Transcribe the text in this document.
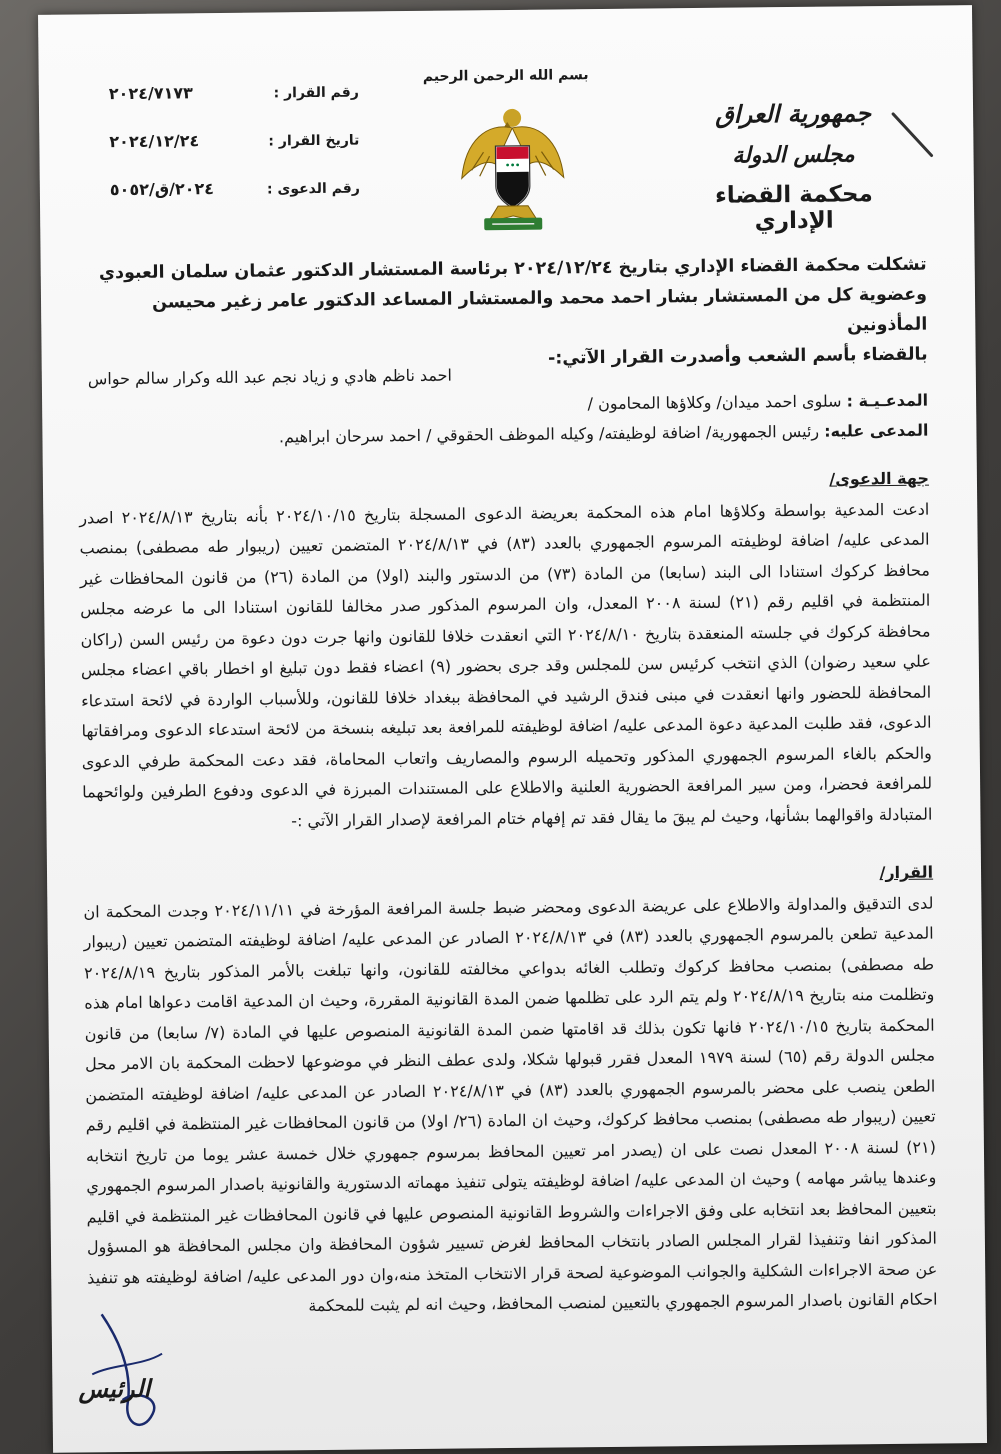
بسم الله الرحمن الرحيم
جمهورية العراق
مجلس الدولة
محكمة القضاء الإداري
رقم القرار :
٢٠٢٤/٧١٧٣
تاريخ القرار :
٢٠٢٤/١٢/٢٤
رقم الدعوى :
٢٠٢٤/ق/٥٠٥٢
تشكلت محكمة القضاء الإداري بتاريخ ٢٠٢٤/١٢/٢٤ برئاسة المستشار الدكتور عثمان سلمان العبودي
وعضوية كل من المستشار بشار احمد محمد والمستشار المساعد الدكتور عامر زغير محيسن المأذونين
بالقضاء بأسم الشعب وأصدرت القرار الآتي:-
احمد ناظم هادي و زياد نجم عبد الله وكرار سالم حواس
المدعـيـة : سلوى احمد ميدان/ وكلاؤها المحامون /
المدعى عليه: رئيس الجمهورية/ اضافة لوظيفته/ وكيله الموظف الحقوقي / احمد سرحان ابراهيم.
جهة الدعوى/
ادعت المدعية بواسطة وكلاؤها امام هذه المحكمة بعريضة الدعوى المسجلة بتاريخ ٢٠٢٤/١٠/١٥ بأنه بتاريخ ٢٠٢٤/٨/١٣ اصدر المدعى عليه/ اضافة لوظيفته المرسوم الجمهوري بالعدد (٨٣) في ٢٠٢٤/٨/١٣ المتضمن تعيين (ريبوار طه مصطفى) بمنصب محافظ كركوك استنادا الى البند (سابعا) من المادة (٧٣) من الدستور والبند (اولا) من المادة (٢٦) من قانون المحافظات غير المنتظمة في اقليم رقم (٢١) لسنة ٢٠٠٨ المعدل، وان المرسوم المذكور صدر مخالفا للقانون استنادا الى ما عرضه مجلس محافظة كركوك في جلسته المنعقدة بتاريخ ٢٠٢٤/٨/١٠ التي انعقدت خلافا للقانون وانها جرت دون دعوة من رئيس السن (راكان علي سعيد رضوان) الذي انتخب كرئيس سن للمجلس وقد جرى بحضور (٩) اعضاء فقط دون تبليغ او اخطار باقي اعضاء مجلس المحافظة للحضور وانها انعقدت في مبنى فندق الرشيد في المحافظة ببغداد خلافا للقانون، وللأسباب الواردة في لائحة استدعاء الدعوى، فقد طلبت المدعية دعوة المدعى عليه/ اضافة لوظيفته للمرافعة بعد تبليغه بنسخة من لائحة استدعاء الدعوى ومرافقاتها والحكم بالغاء المرسوم الجمهوري المذكور وتحميله الرسوم والمصاريف واتعاب المحاماة، فقد دعت المحكمة طرفي الدعوى للمرافعة فحضرا، ومن سير المرافعة الحضورية العلنية والاطلاع على المستندات المبرزة في الدعوى ودفوع الطرفين ولوائحهما المتبادلة واقوالهما بشأنها، وحيث لم يبقَ ما يقال فقد تم إفهام ختام المرافعة لإصدار القرار الآتي :-
القرار/
لدى التدقيق والمداولة والاطلاع على عريضة الدعوى ومحضر ضبط جلسة المرافعة المؤرخة في ٢٠٢٤/١١/١١ وجدت المحكمة ان المدعية تطعن بالمرسوم الجمهوري بالعدد (٨٣) في ٢٠٢٤/٨/١٣ الصادر عن المدعى عليه/ اضافة لوظيفته المتضمن تعيين (ريبوار طه مصطفى) بمنصب محافظ كركوك وتطلب الغائه بدواعي مخالفته للقانون، وانها تبلغت بالأمر المذكور بتاريخ ٢٠٢٤/٨/١٩ وتظلمت منه بتاريخ ٢٠٢٤/٨/١٩ ولم يتم الرد على تظلمها ضمن المدة القانونية المقررة، وحيث ان المدعية اقامت دعواها امام هذه المحكمة بتاريخ ٢٠٢٤/١٠/١٥ فانها تكون بذلك قد اقامتها ضمن المدة القانونية المنصوص عليها في المادة (٧/ سابعا) من قانون مجلس الدولة رقم (٦٥) لسنة ١٩٧٩ المعدل فقرر قبولها شكلا، ولدى عطف النظر في موضوعها لاحظت المحكمة بان الامر محل الطعن ينصب على محضر بالمرسوم الجمهوري بالعدد (٨٣) في ٢٠٢٤/٨/١٣ الصادر عن المدعى عليه/ اضافة لوظيفته المتضمن تعيين (ريبوار طه مصطفى) بمنصب محافظ كركوك، وحيث ان المادة (٢٦/ اولا) من قانون المحافظات غير المنتظمة في اقليم رقم (٢١) لسنة ٢٠٠٨ المعدل نصت على ان (يصدر امر تعيين المحافظ بمرسوم جمهوري خلال خمسة عشر يوما من تاريخ انتخابه وعندها يباشر مهامه ) وحيث ان المدعى عليه/ اضافة لوظيفته يتولى تنفيذ مهماته الدستورية والقانونية باصدار المرسوم الجمهوري بتعيين المحافظ بعد انتخابه على وفق الاجراءات والشروط القانونية المنصوص عليها في قانون المحافظات غير المنتظمة في اقليم المذكور انفا وتنفيذا لقرار المجلس الصادر بانتخاب المحافظ لغرض تسيير شؤون المحافظة وان مجلس المحافظة هو المسؤول عن صحة الاجراءات الشكلية والجوانب الموضوعية لصحة قرار الانتخاب المتخذ منه،وان دور المدعى عليه/ اضافة لوظيفته هو تنفيذ احكام القانون باصدار المرسوم الجمهوري بالتعيين لمنصب المحافظ، وحيث انه لم يثبت للمحكمة
الرئيس
